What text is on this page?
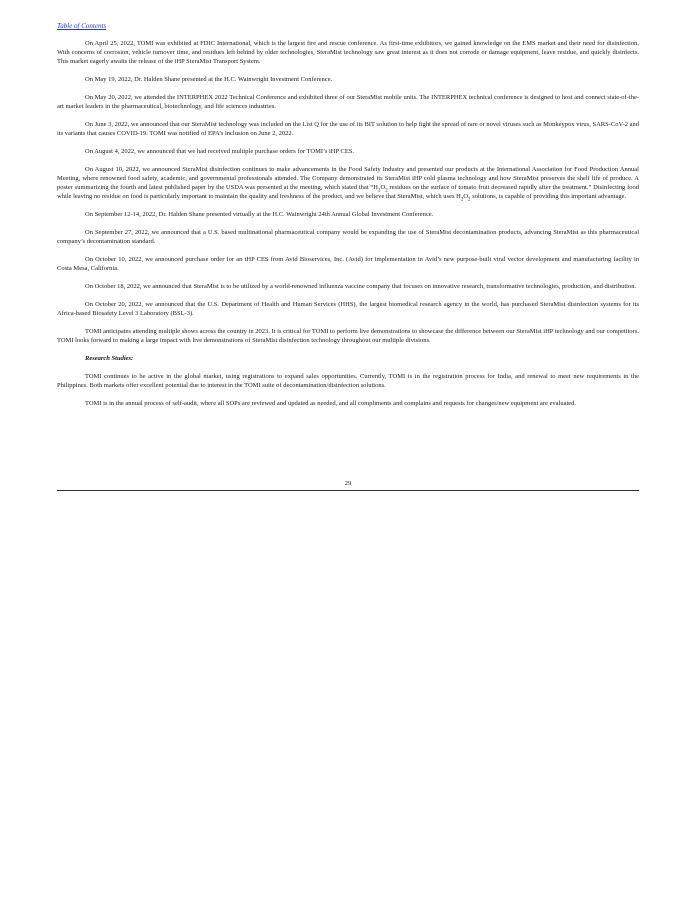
Table of Contents

On April 25, 2022, TOMI was exhibited at FDIC International, which is the largest fire and rescue conference. As first-time exhibitors, we gained knowledge on the EMS market and their need for disinfection. With concerns of corrosion, vehicle turnover time, and residues left behind by older technologies, SteraMist technology saw great interest as it does not corrode or damage equipment, leave residue, and quickly disinfects. This market eagerly awaits the release of the iHP SteraMist Transport System.

On May 19, 2022, Dr. Halden Shane presented at the H.C. Wainwright Investment Conference.

On May 20, 2022, we attended the INTERPHEX 2022 Technical Conference and exhibited three of our SteraMist mobile units. The INTERPHEX technical conference is designed to host and connect state-of-the-art market leaders in the pharmaceutical, biotechnology, and life sciences industries.

On June 3, 2022, we announced that our SteraMist technology was included on the List Q for the use of its BIT solution to help fight the spread of rare or novel viruses such as Monkeypox virus, SARS-CoV-2 and its variants that causes COVID-19. TOMI was notified of EPA’s inclusion on June 2, 2022.

On August 4, 2022, we announced that we had received multiple purchase orders for TOMI’s iHP CES.

On August 10, 2022, we announced SteraMist disinfection continues to make advancements in the Food Safety Industry and presented our products at the International Association for Food Production Annual Meeting, where renowned food safety, academic, and governmental professionals attended. The Company demonstrated its SteraMist iHP cold plasma technology and how SteraMist preserves the shelf life of produce. A poster summarizing the fourth and latest published paper by the USDA was presented at the meeting, which stated that “$H_2O_2$ residues on the surface of tomato fruit decreased rapidly after the treatment.” Disinfecting food while leaving no residue on food is particularly important to maintain the quality and freshness of the product, and we believe that SteraMist, which uses $H_2O_2$ solutions, is capable of providing this important advantage.

On September 12-14, 2022, Dr. Halden Shane presented virtually at the H.C. Wainwright 24th Annual Global Investment Conference.

On September 27, 2022, we announced that a U.S. based multinational pharmaceutical company would be expanding the use of SteraMist decontamination products, advancing SteraMist as this pharmaceutical company’s decontamination standard.

On October 10, 2022, we announced purchase order for an iHP CES from Avid Bioservices, Inc. (Avid) for implementation in Avid’s new purpose-built viral vector development and manufacturing facility in Costa Mesa, California.

On October 18, 2022, we announced that SteraMist is to be utilized by a world-renowned influenza vaccine company that focuses on innovative research, transformative technologies, production, and distribution.

On October 20, 2022, we announced that the U.S. Department of Health and Human Services (HHS), the largest biomedical research agency in the world, has purchased SteraMist disinfection systems for its Africa-based Biosafety Level 3 Laboratory (BSL-3).

TOMI anticipates attending multiple shows across the country in 2023. It is critical for TOMI to perform live demonstrations to showcase the difference between our SteraMist iHP technology and our competitors. TOMI looks forward to making a large impact with live demonstrations of SteraMist disinfection technology throughout our multiple divisions.

Research Studies:

TOMI continues to be active in the global market, using registrations to expand sales opportunities. Currently, TOMI is in the registration process for India, and renewal to meet new requirements in the Philippines. Both markets offer excellent potential due to interest in the TOMI suite of decontamination/disinfection solutions.

TOMI is in the annual process of self-audit, where all SOPs are reviewed and updated as needed, and all compliments and complains and requests for changes/new equipment are evaluated.

29
